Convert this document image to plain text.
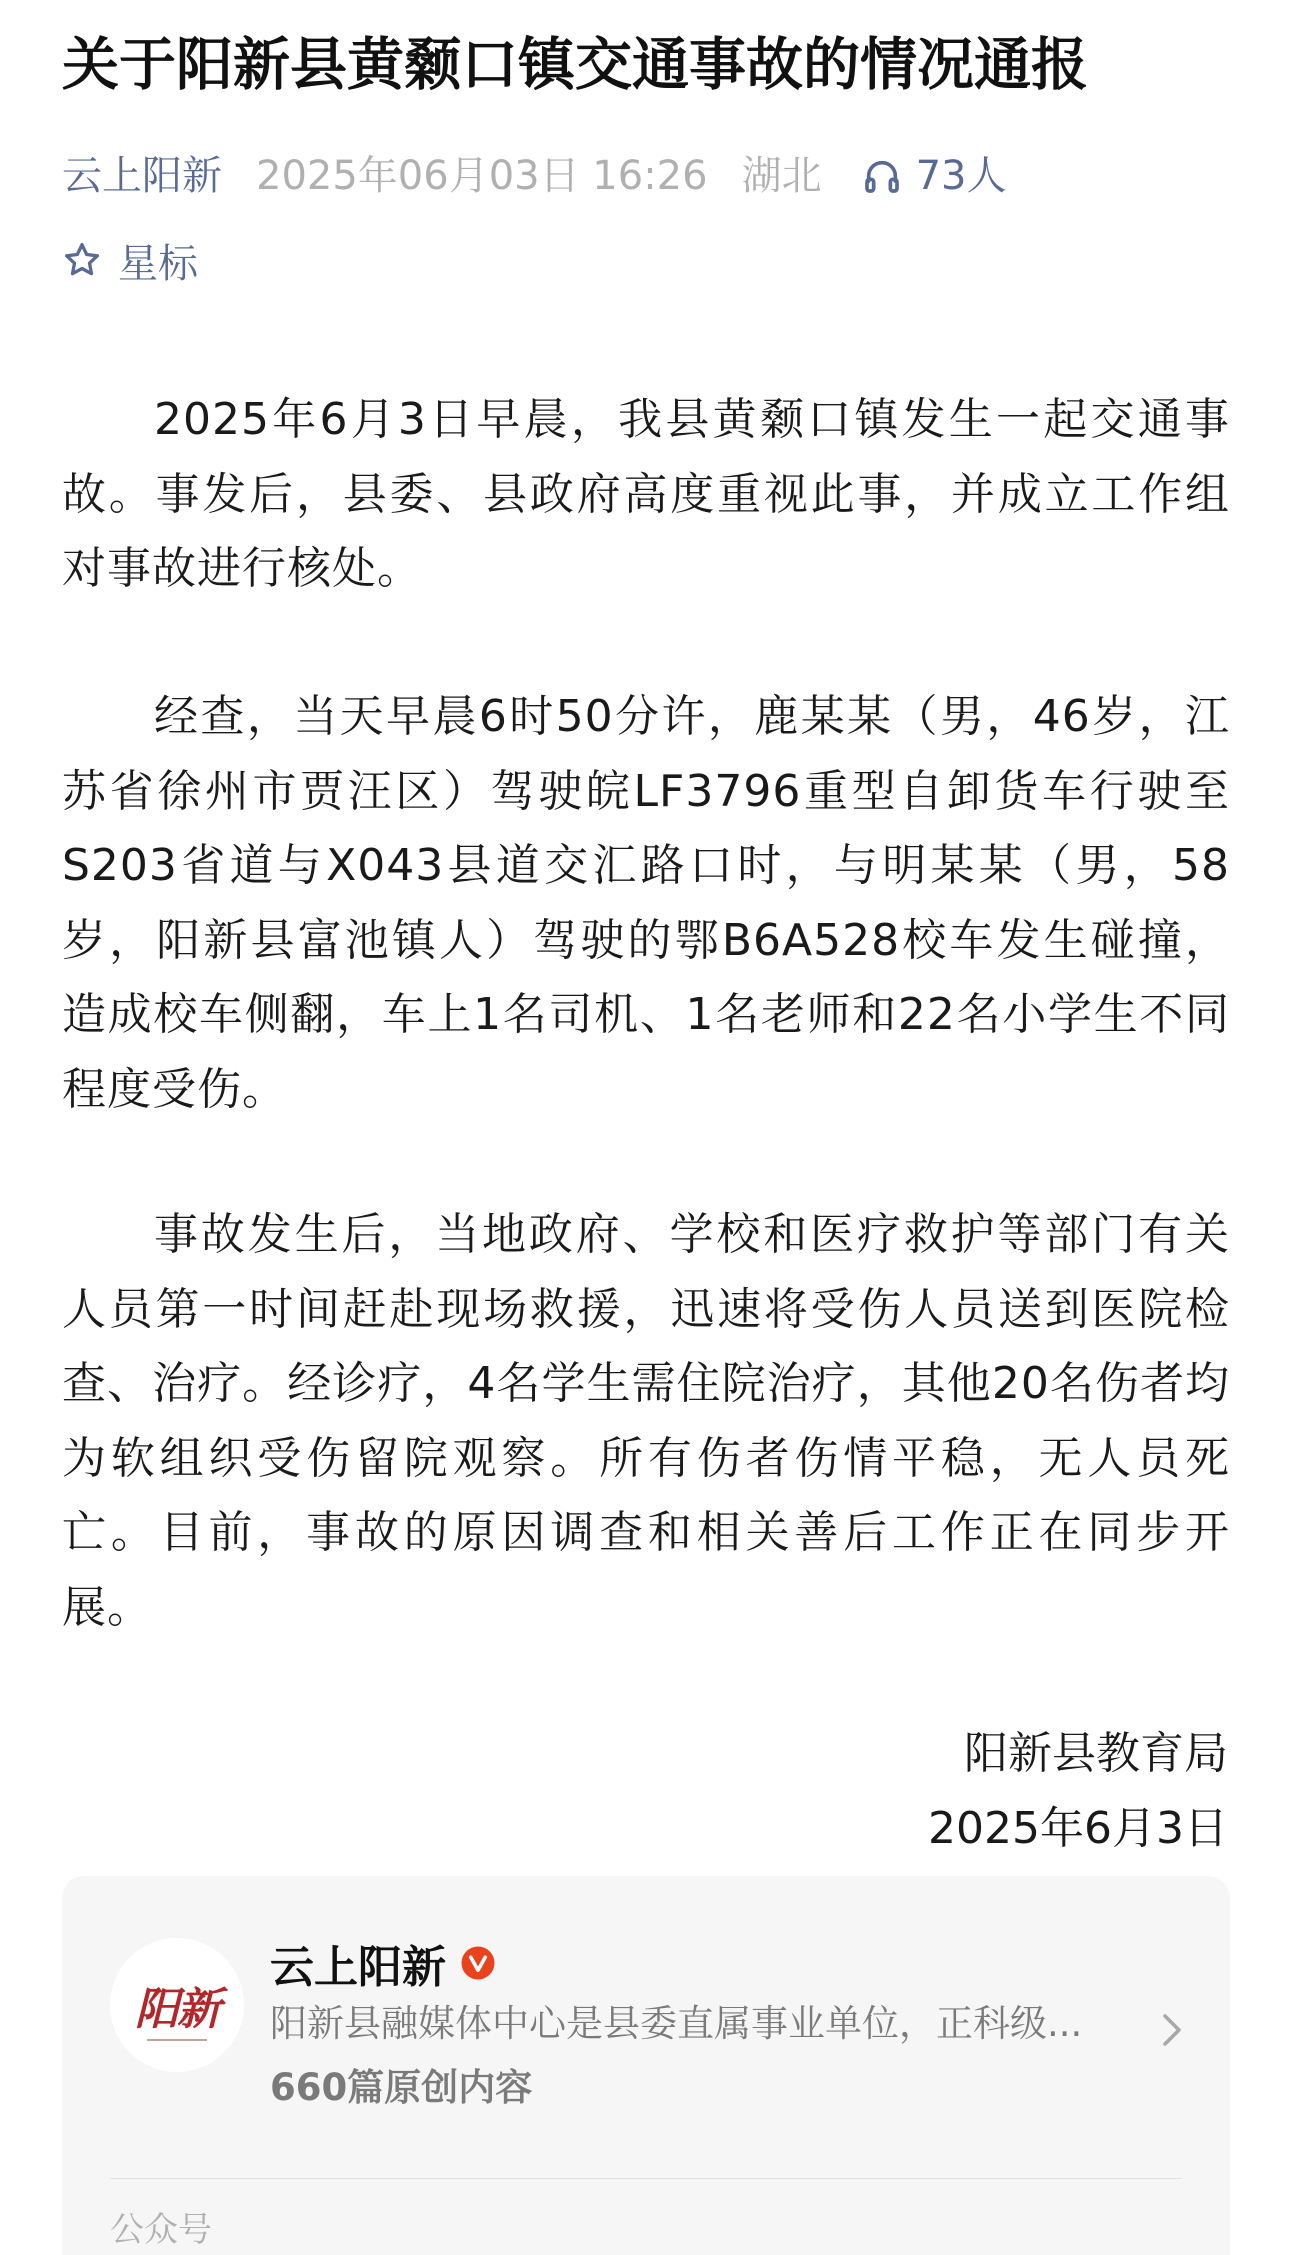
关于阳新县黄颡口镇交通事故的情况通报
云上阳新 2025年06月03日 16:26 湖北 73人
星标

2025年6月3日早晨，我县黄颡口镇发生一起交通事故。事发后，县委、县政府高度重视此事，并成立工作组对事故进行核处。

经查，当天早晨6时50分许，鹿某某（男，46岁，江苏省徐州市贾汪区）驾驶皖LF3796重型自卸货车行驶至S203省道与X043县道交汇路口时，与明某某（男，58岁，阳新县富池镇人）驾驶的鄂B6A528校车发生碰撞，造成校车侧翻，车上1名司机、1名老师和22名小学生不同程度受伤。

事故发生后，当地政府、学校和医疗救护等部门有关人员第一时间赶赴现场救援，迅速将受伤人员送到医院检查、治疗。经诊疗，4名学生需住院治疗，其他20名伤者均为软组织受伤留院观察。所有伤者伤情平稳，无人员死亡。目前，事故的原因调查和相关善后工作正在同步开展。

阳新县教育局
2025年6月3日
阳新
云上阳新
阳新县融媒体中心是县委直属事业单位，正科级...
660篇原创内容
公众号
